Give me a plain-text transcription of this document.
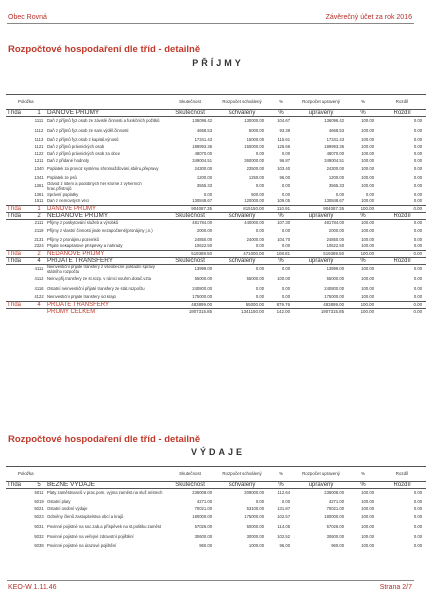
Obec Rovná	Závěrečný účet za rok 2016
Rozpočtové hospodaření dle tříd - detailně
PŘÍJMY
Položka			Skutečnost	Rozpočet schválený	%	Rozpočet upravený	%	Rozdíl
Třída	1	DAŇOVÉ PŘÍJMY	Skutečnost	schválený	%	upravený	%	Rozdíl
	1111	Daň z příjmů fyz.osob ze závislé činnosti a funkčních požitků	136096.42	130000.00	104.67	136096.42	100.00	0.00
	1112	Daň z příjmů fyz.osob ze sam.výděl.činnosti	4668.53	5000.00	93.39	4668.53	100.00	0.00
	1113	Daň z příjmů fyz.osob z kapitál.výnosů	17341.43	15000.00	115.61	17341.43	100.00	0.00
	1121	Daň z příjmů právnických osob	189993.36	150000.00	126.66	189993.36	100.00	0.00
	1122	Daň z příjmů právnických osob za obce	48070.00	0.00	0.00	48070.00	100.00	0.00
	1211	Daň z přidané hodnoty	349004.51	360000.00	96.87	349004.51	100.00	0.00
	1340	Poplatek za provoz systému shromažďování,sběru,přepravy	24300.00	23500.00	103.40	24300.00	100.00	0.00
	1341	Poplatek ze psů	1200.00	1250.00	96.00	1200.00	100.00	0.00
	1361	Odvod z loterií a podobných her kromě z výherních hrac.přístrojů	3565.33	0.00	0.00	3565.33	100.00	0.00
	1361	Správní poplatky	0.00	500.00	0.00	0.00	0.00	0.00
	1511	Daň z nemovitých věcí	130848.67	120000.00	109.05	130848.67	100.00	0.00
Třída	1	DAŇOVÉ PŘÍJMY	904087.35	815150.00	110.91	904087.35	100.00	0.00
Třída	2	NEDAŇOVÉ PŘÍJMY	Skutečnost	schválený	%	upravený	%	Rozdíl
	2111	Příjmy z poskytování služeb a výrobků	481784.00	440000.00	107.30	481784.00	100.00	0.00
	2119	Příjmy z vlastní činnosti jinde nezapočtené(pronájmy j.n.)	2000.00	0.00	0.00	2000.00	100.00	0.00
	2131	Příjmy z pronájmu pozemků	24850.00	24000.00	104.70	24850.00	100.00	0.00
	2324	Přijaté nekapitálové příspěvky a náhrady	10622.50	0.00	0.00	10622.50	100.00	0.00
Třída	2	NEDAŇOVÉ PŘÍJMY	519389.50	471000.00	108.81	519389.50	100.00	0.00
Třída	4	PŘIJATÉ TRANSFERY	Skutečnost	schválený	%	upravený	%	Rozdíl
	4111	Neinvestiční přijaté transfery z všeobecné pokladní správy státního rozpočtu	13999.00	0.00	0.00	13999.00	100.00	0.00
	4112	Neinv.přij.transfery ze st.rozp. v rámci souhrn.dotač.vzta	55000.00	55000.00	100.00	55000.00	100.00	0.00
	4116	Ostatní neinvestiční přijaté transfery ze stát.rozpočtu	240800.00	0.00	0.00	240800.00	100.00	0.00
	4122	Neinvestiční přijaté transfery od krajů	175000.00	0.00	0.00	175000.00	100.00	0.00
Třída	4	PŘIJATÉ TRANSFERY	483899.00	55000.00	879.76	483899.00	100.00	0.00
		PŘÍJMY CELKEM	1907315.85	1341150.00	142.00	1907315.85	100.00	0.00
Rozpočtové hospodaření dle tříd - detailně
VÝDAJE
Položka			Skutečnost	Rozpočet schválený	%	Rozpočet upravený	%	Rozdíl
Třída	5	BĚŽNÉ VÝDAJE	Skutečnost	schválený	%	upravený	%	Rozdíl
	5011	Platy zaměstnanců v prac.pom. vyjma zaměst.na služ.místech	236008.00	209000.00	112.64	236008.00	100.00	0.00
	5019	Ostatní platy	4271.00	0.00	0.00	4271.00	100.00	0.00
	5021	Ostatní osobní výdaje	70021.00	53100.00	131.87	70021.00	100.00	0.00
	5023	Odměny členů zastupitelstva obcí a krajů	180000.00	175000.00	102.57	180000.00	100.00	0.00
	5031	Povinné pojistné na soc.zab.a příspěvek na st.politiku zaměst	57026.00	50000.00	114.05	57026.00	100.00	0.00
	5032	Povinné pojistné na veřejné zdravotní pojištění	30600.00	30000.00	102.52	30600.00	100.00	0.00
	5038	Povinné pojistné na úrazové pojištění	960.00	1000.00	96.00	960.00	100.00	0.00
KEO-W 1.11.46	Strana 2/7
